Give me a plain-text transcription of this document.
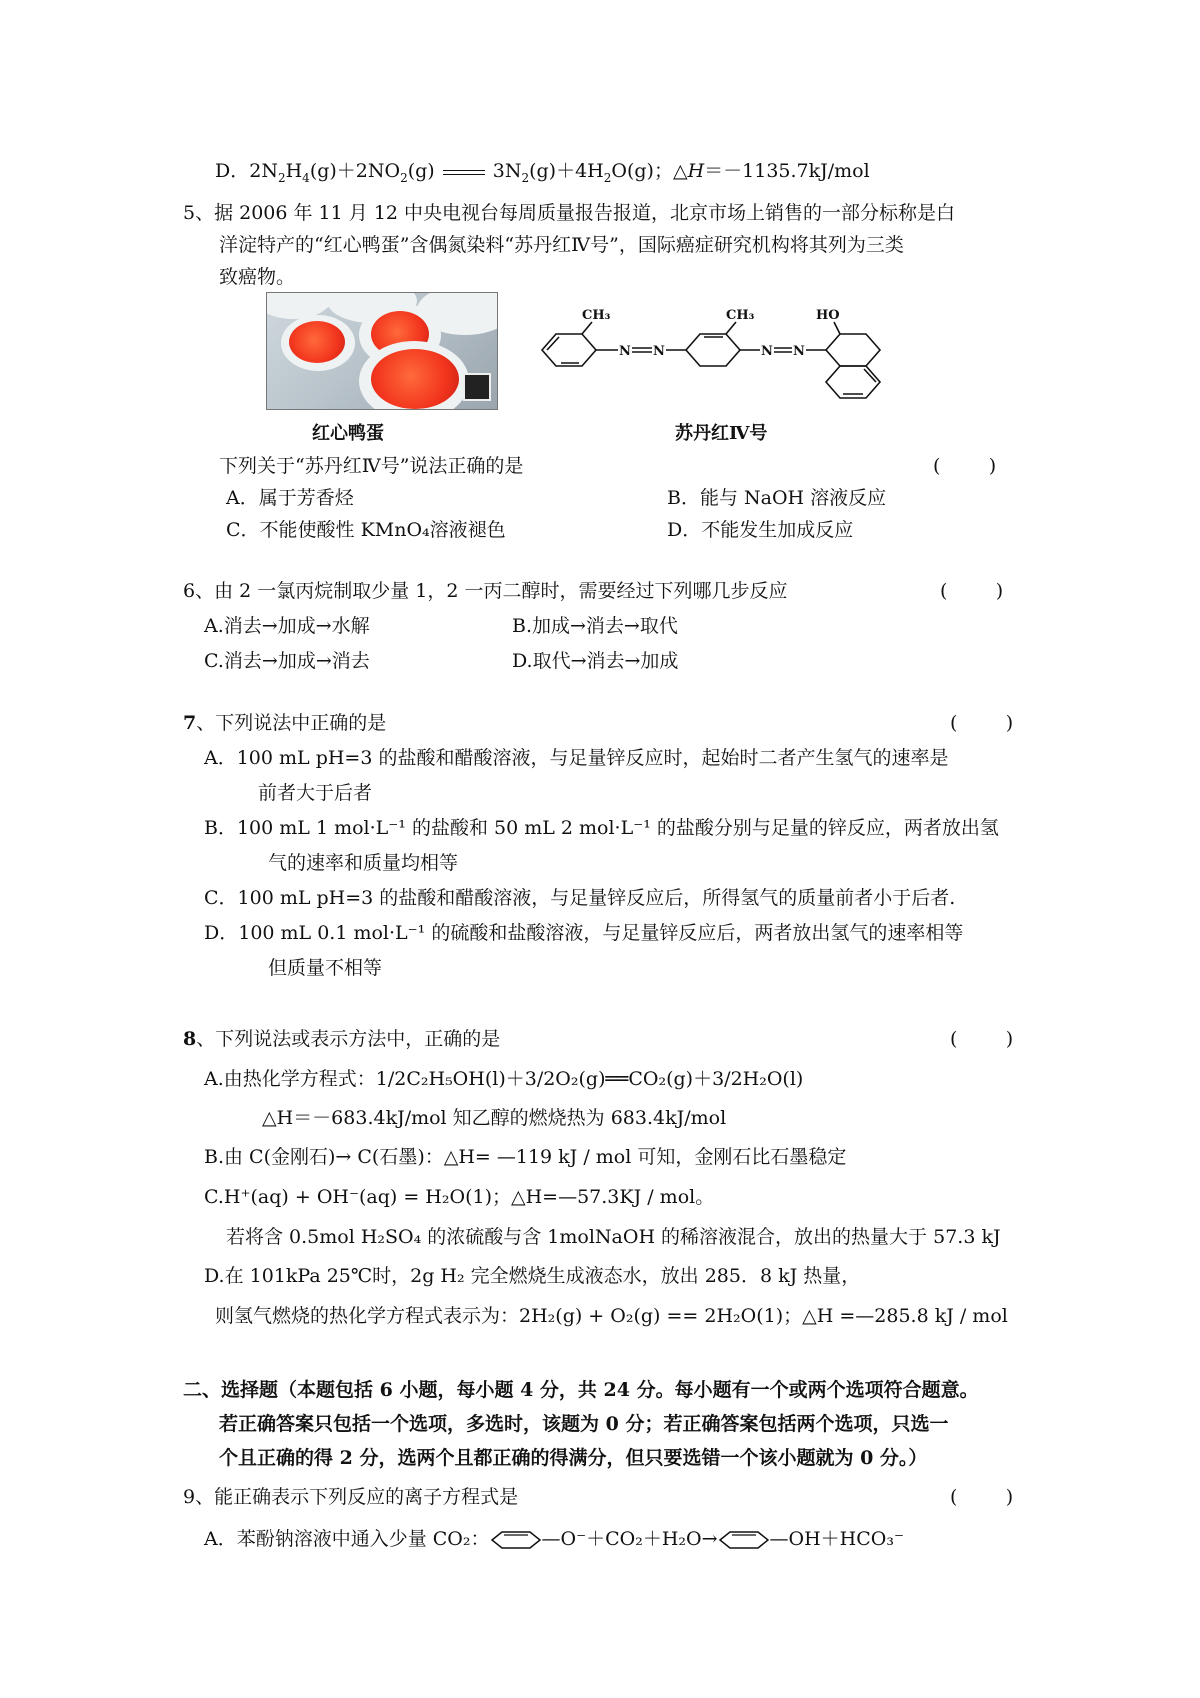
D．$2N_2H_4(g)+2NO_2(g)$	$3N_2(g)+4H_2O(g)$；△H＝－1135.7kJ/mol
5、据 2006 年 11 月 12 中央电视台每周质量报告报道，北京市场上销售的一部分标称是白
洋淀特产的“红心鸭蛋”含偶氮染料“苏丹红Ⅳ号”，国际癌症研究机构将其列为三类
致癌物。
CH₃	CH₃	HO
N N	N N
红心鸭蛋	苏丹红Ⅳ号
下列关于“苏丹红Ⅳ号”说法正确的是	(        )
A．属于芳香烃	B．能与 NaOH 溶液反应
C．不能使酸性 KMnO₄溶液褪色	D．不能发生加成反应
6、由 2 一氯丙烷制取少量 1，2 一丙二醇时，需要经过下列哪几步反应	(        )
A.消去→加成→水解	B.加成→消去→取代
C.消去→加成→消去	D.取代→消去→加成
7、下列说法中正确的是	(        )
A．100 mL pH=3 的盐酸和醋酸溶液，与足量锌反应时，起始时二者产生氢气的速率是
前者大于后者
B．100 mL 1 mol·L⁻¹ 的盐酸和 50 mL 2 mol·L⁻¹ 的盐酸分别与足量的锌反应，两者放出氢
气的速率和质量均相等
C．100 mL pH=3 的盐酸和醋酸溶液，与足量锌反应后，所得氢气的质量前者小于后者.
D．100 mL 0.1 mol·L⁻¹ 的硫酸和盐酸溶液，与足量锌反应后，两者放出氢气的速率相等
但质量不相等
8、下列说法或表示方法中，正确的是	(        )
A.由热化学方程式：1/2C₂H₅OH(l)＋3/2O₂(g)══CO₂(g)＋3/2H₂O(l)
△H＝－683.4kJ/mol 知乙醇的燃烧热为 683.4kJ/mol
B.由 C(金刚石)→ C(石墨)：△H= —119 kJ / mol 可知，金刚石比石墨稳定
C.H⁺(aq) + OH⁻(aq) = H₂O(1)；△H=—57.3KJ / mol。
若将含 0.5mol H₂SO₄ 的浓硫酸与含 1molNaOH 的稀溶液混合，放出的热量大于 57.3 kJ
D.在 101kPa 25℃时，2g H₂ 完全燃烧生成液态水，放出 285．8 kJ 热量，
则氢气燃烧的热化学方程式表示为：2H₂(g) + O₂(g) == 2H₂O(1)；△H =—285.8 kJ / mol
二、选择题（本题包括 6 小题，每小题 4 分，共 24 分。每小题有一个或两个选项符合题意。
若正确答案只包括一个选项，多选时，该题为 0 分；若正确答案包括两个选项，只选一
个且正确的得 2 分，选两个且都正确的得满分，但只要选错一个该小题就为 0 分。）
9、能正确表示下列反应的离子方程式是	(        )
A．苯酚钠溶液中通入少量 CO₂：	—O⁻＋CO₂＋H₂O→	—OH＋HCO₃⁻
